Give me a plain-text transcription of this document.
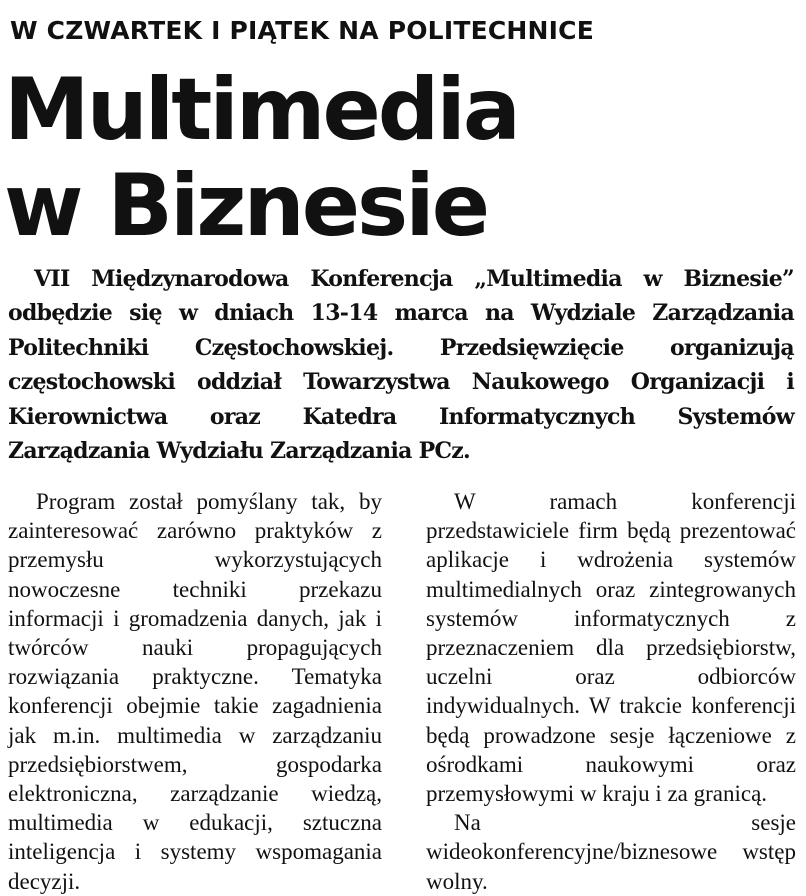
W CZWARTEK I PIĄTEK NA POLITECHNICE
Multimedia
w Biznesie

VII Międzynarodowa Konferencja „Multimedia w Biznesie” odbędzie się w dniach 13-14 marca na Wydziale Zarządzania Politechniki Częstochowskiej. Przedsięwzięcie organizują częstochowski oddział Towarzystwa Naukowego Organizacji i Kierownictwa oraz Katedra Informatycznych Systemów Zarządzania Wydziału Zarządzania PCz.

Program został pomyślany tak, by zainteresować zarówno praktyków z przemysłu wykorzystujących nowoczesne techniki przekazu informacji i gromadzenia danych, jak i twórców nauki propagujących rozwiązania praktyczne. Tematyka konferencji obejmie takie zagadnienia jak m.in. multimedia w zarządzaniu przedsiębiorstwem, gospodarka elektroniczna, zarządzanie wiedzą, multimedia w edukacji, sztuczna inteligencja i systemy wspomagania decyzji.

W ramach konferencji przedstawiciele firm będą prezentować aplikacje i wdrożenia systemów multimedialnych oraz zintegrowanych systemów informatycznych z przeznaczeniem dla przedsiębiorstw, uczelni oraz odbiorców indywidualnych. W trakcie konferencji będą prowadzone sesje łączeniowe z ośrodkami naukowymi oraz przemysłowymi w kraju i za granicą.

Na sesje wideokonferencyjne/biznesowe wstęp wolny.
